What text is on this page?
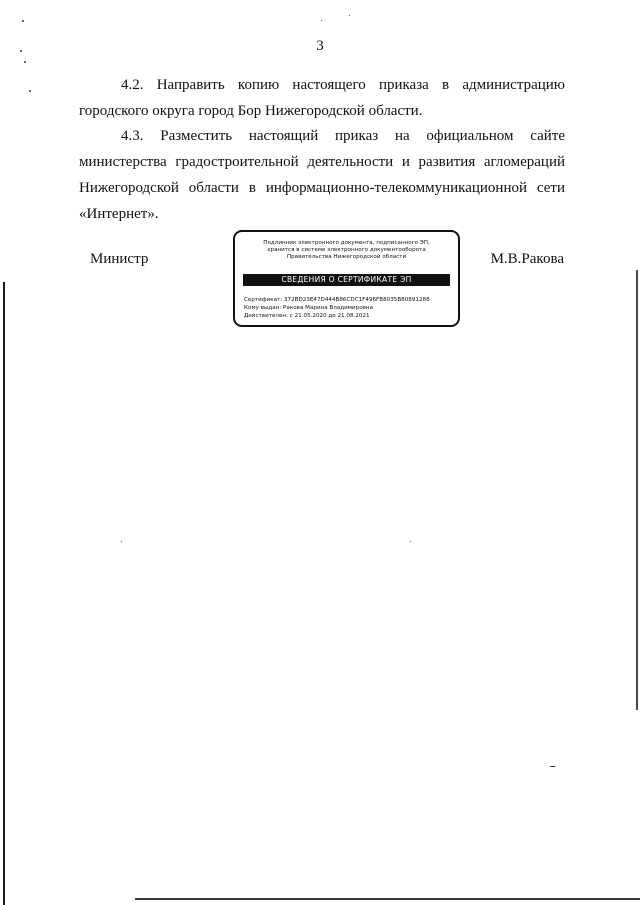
3
4.2. Направить копию настоящего приказа в администрацию городского округа город Бор Нижегородской области.
4.3. Разместить настоящий приказ на официальном сайте министерства градостроительной деятельности и развития агломераций Нижегородской области в информационно-телекоммуникационной сети «Интернет».
Министр	М.В.Ракова
Подлинник электронного документа, подписанного ЭП,
хранится в системе электронного документооборота
Правительства Нижегородской области
СВЕДЕНИЯ О СЕРТИФИКАТЕ ЭП
Сертификат: 372BD23E47D444B86CDC1F496FB8035B80891288
Кому выдан: Ракова Марина Владимировна
Действителен: с 21.05.2020 до 21.08.2021
